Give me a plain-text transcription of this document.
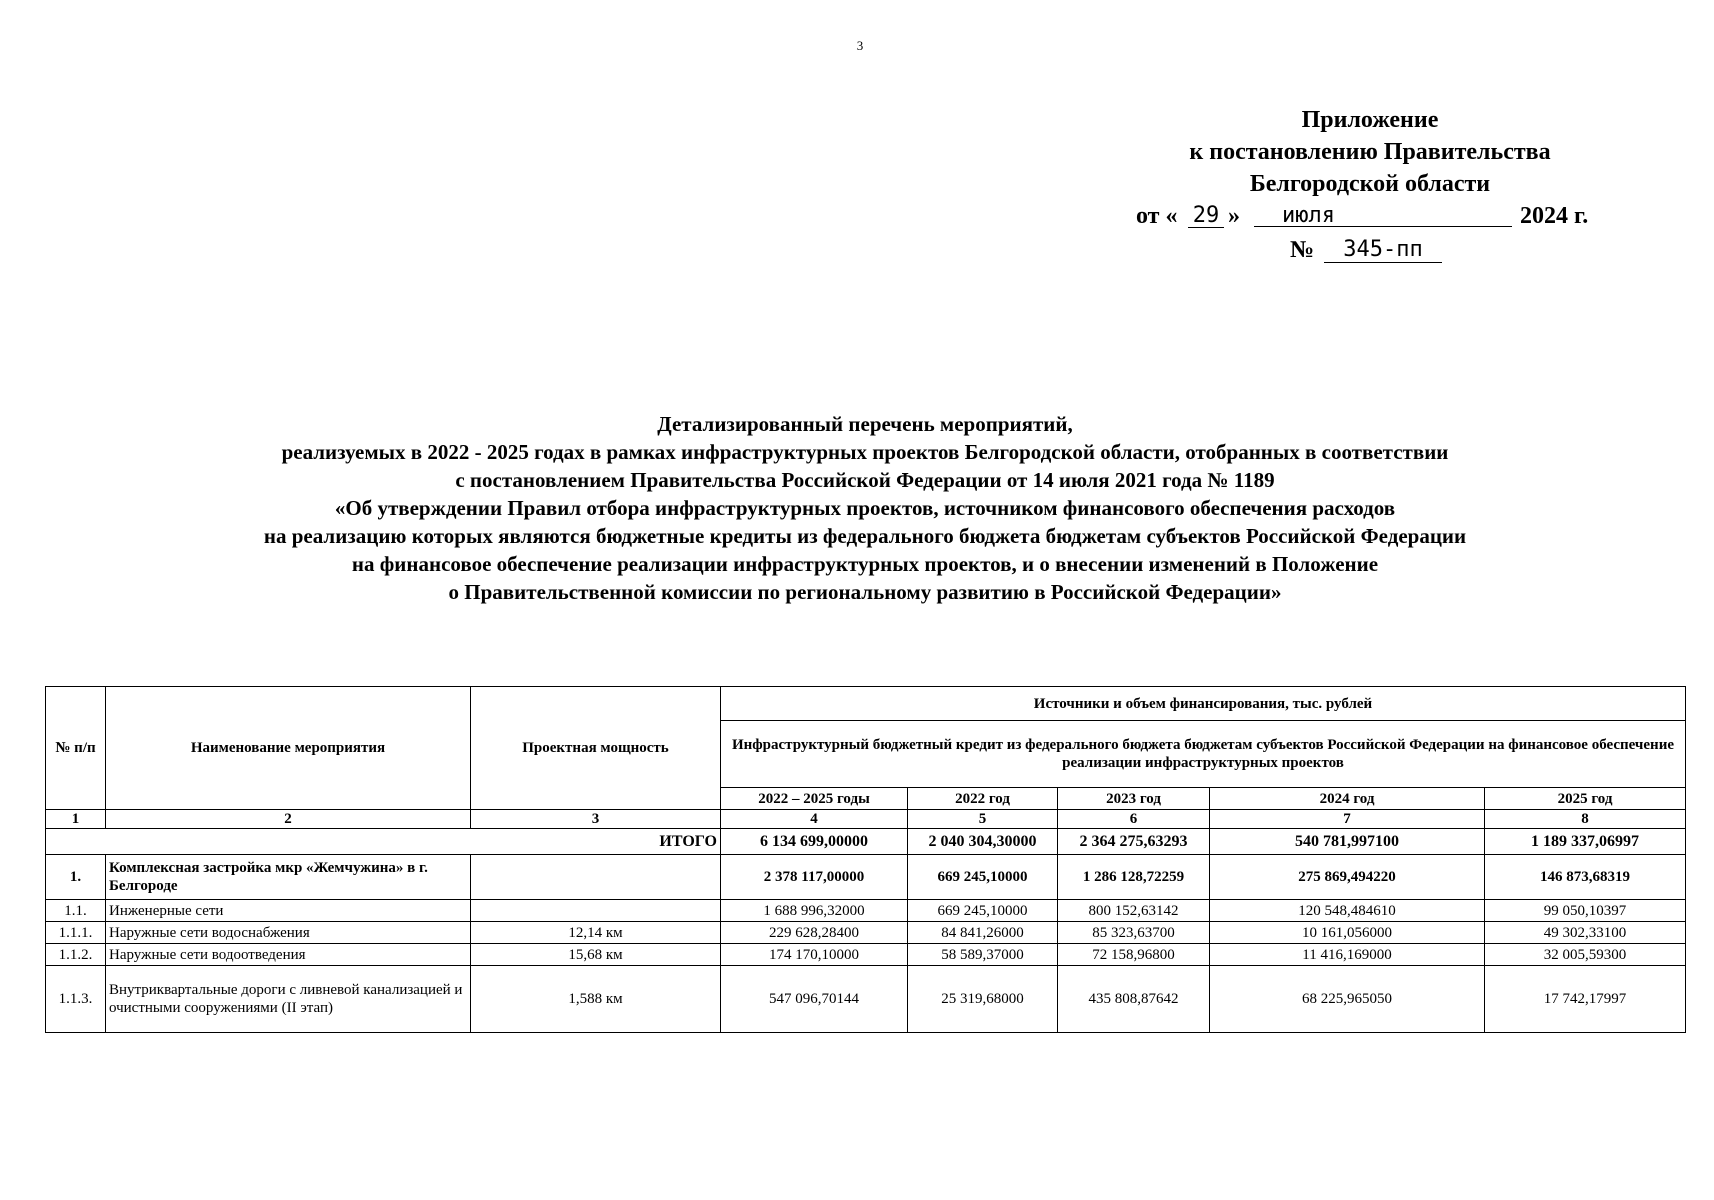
3
Приложение
к постановлению Правительства
Белгородской области
от « 29 »	июля	2024 г.
№	345-пп
Детализированный перечень мероприятий,
реализуемых в 2022 - 2025 годах в рамках инфраструктурных проектов Белгородской области, отобранных в соответствии
с постановлением Правительства Российской Федерации от 14 июля 2021 года № 1189
«Об утверждении Правил отбора инфраструктурных проектов, источником финансового обеспечения расходов
на реализацию которых являются бюджетные кредиты из федерального бюджета бюджетам субъектов Российской Федерации
на финансовое обеспечение реализации инфраструктурных проектов, и о внесении изменений в Положение
о Правительственной комиссии по региональному развитию в Российской Федерации»
№ п/п	Наименование мероприятия	Проектная мощность	Источники и объем финансирования, тыс. рублей				
			Инфраструктурный бюджетный кредит из федерального бюджета бюджетам субъектов Российской Федерации на финансовое обеспечение реализации инфраструктурных проектов				
			2022 – 2025 годы	2022 год	2023 год	2024 год	2025 год
1	2	3	4	5	6	7	8
ИТОГО			6 134 699,00000	2 040 304,30000	2 364 275,63293	540 781,997100	1 189 337,06997
1.	Комплексная застройка мкр «Жемчужина» в г. Белгороде		2 378 117,00000	669 245,10000	1 286 128,72259	275 869,494220	146 873,68319
1.1.	Инженерные сети		1 688 996,32000	669 245,10000	800 152,63142	120 548,484610	99 050,10397
1.1.1.	Наружные сети водоснабжения	12,14 км	229 628,28400	84 841,26000	85 323,63700	10 161,056000	49 302,33100
1.1.2.	Наружные сети водоотведения	15,68 км	174 170,10000	58 589,37000	72 158,96800	11 416,169000	32 005,59300
1.1.3.	Внутриквартальные дороги с ливневой канализацией и очистными сооружениями (II этап)	1,588 км	547 096,70144	25 319,68000	435 808,87642	68 225,965050	17 742,17997
